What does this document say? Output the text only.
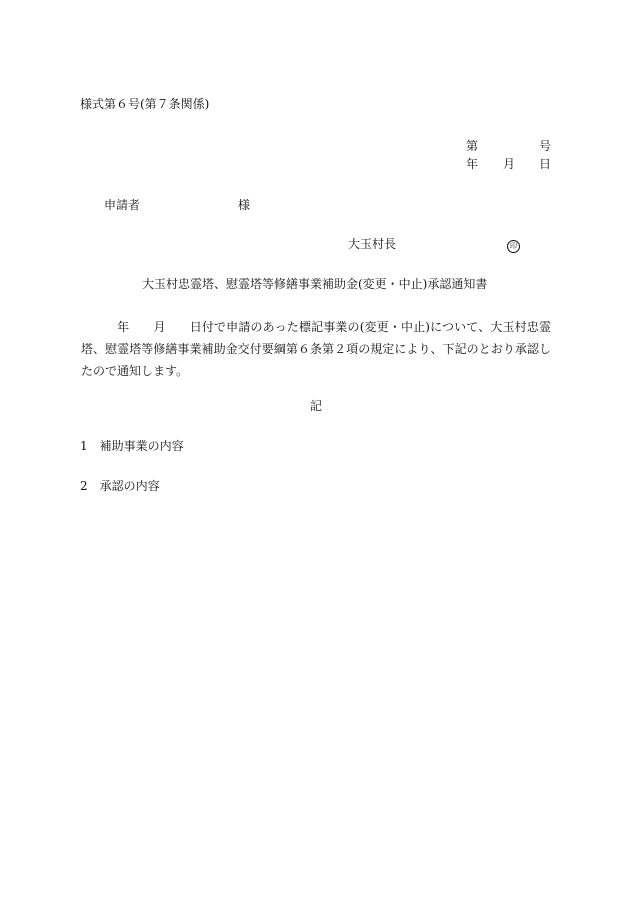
様式第６号(第７条関係)
第	号
年 月 日
申請者	様
大玉村長	印
大玉村忠霊塔、慰霊塔等修繕事業補助金(変更・中止)承認通知書
年 月 日付で申請のあった標記事業の(変更・中止)について、大玉村忠霊塔、慰霊塔等修繕事業補助金交付要綱第６条第２項の規定により、下記のとおり承認したので通知します。
記
1 補助事業の内容
2 承認の内容
